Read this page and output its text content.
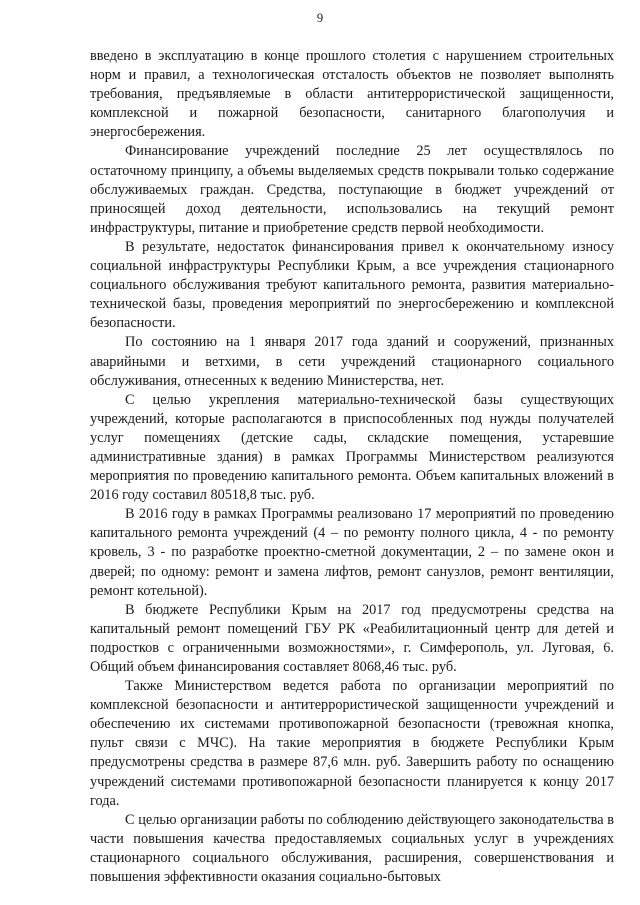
9

введено в эксплуатацию в конце прошлого столетия с нарушением строительных норм и правил, а технологическая отсталость объектов не позволяет выполнять требования, предъявляемые в области антитеррористической защищенности, комплексной и пожарной безопасности, санитарного благополучия и энергосбережения.

Финансирование учреждений последние 25 лет осуществлялось по остаточному принципу, а объемы выделяемых средств покрывали только содержание обслуживаемых граждан. Средства, поступающие в бюджет учреждений от приносящей доход деятельности, использовались на текущий ремонт инфраструктуры, питание и приобретение средств первой необходимости.

В результате, недостаток финансирования привел к окончательному износу социальной инфраструктуры Республики Крым, а все учреждения стационарного социального обслуживания требуют капитального ремонта, развития материально-технической базы, проведения мероприятий по энергосбережению и комплексной безопасности.

По состоянию на 1 января 2017 года зданий и сооружений, признанных аварийными и ветхими, в сети учреждений стационарного социального обслуживания, отнесенных к ведению Министерства, нет.

С целью укрепления материально-технической базы существующих учреждений, которые располагаются в приспособленных под нужды получателей услуг помещениях (детские сады, складские помещения, устаревшие административные здания) в рамках Программы Министерством реализуются мероприятия по проведению капитального ремонта. Объем капитальных вложений в 2016 году составил 80518,8 тыс. руб.

В 2016 году в рамках Программы реализовано 17 мероприятий по проведению капитального ремонта учреждений (4 – по ремонту полного цикла, 4 - по ремонту кровель, 3 - по разработке проектно-сметной документации, 2 – по замене окон и дверей; по одному: ремонт и замена лифтов, ремонт санузлов, ремонт вентиляции, ремонт котельной).

В бюджете Республики Крым на 2017 год предусмотрены средства на капитальный ремонт помещений ГБУ РК «Реабилитационный центр для детей и подростков с ограниченными возможностями», г. Симферополь, ул. Луговая, 6. Общий объем финансирования составляет 8068,46 тыс. руб.

Также Министерством ведется работа по организации мероприятий по комплексной безопасности и антитеррористической защищенности учреждений и обеспечению их системами противопожарной безопасности (тревожная кнопка, пульт связи с МЧС). На такие мероприятия в бюджете Республики Крым предусмотрены средства в размере 87,6 млн. руб. Завершить работу по оснащению учреждений системами противопожарной безопасности планируется к концу 2017 года.

С целью организации работы по соблюдению действующего законодательства в части повышения качества предоставляемых социальных услуг в учреждениях стационарного социального обслуживания, расширения, совершенствования и повышения эффективности оказания социально-бытовых
